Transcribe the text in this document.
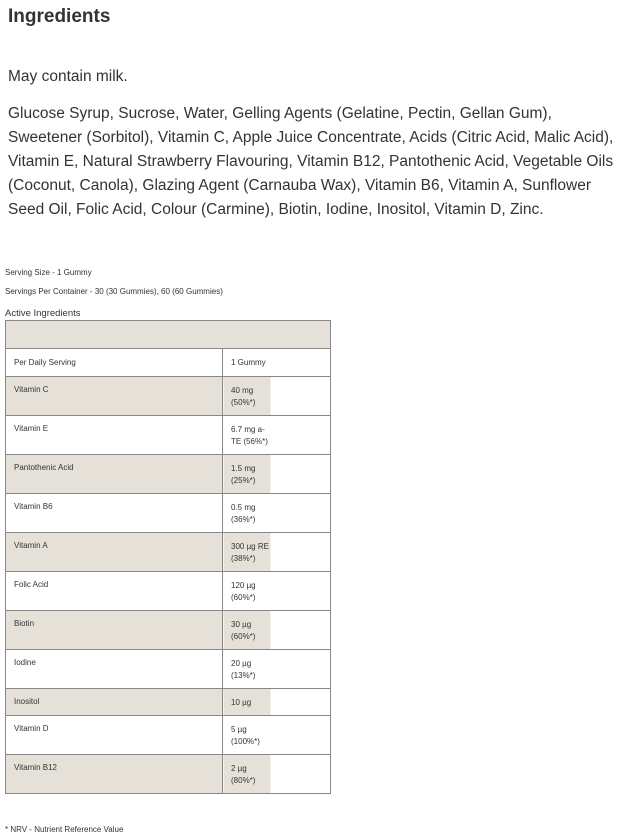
Ingredients

May contain milk.

Glucose Syrup, Sucrose, Water, Gelling Agents (Gelatine, Pectin, Gellan Gum), Sweetener (Sorbitol), Vitamin C, Apple Juice Concentrate, Acids (Citric Acid, Malic Acid), Vitamin E, Natural Strawberry Flavouring, Vitamin B12, Pantothenic Acid, Vegetable Oils (Coconut, Canola), Glazing Agent (Carnauba Wax), Vitamin B6, Vitamin A, Sunflower Seed Oil, Folic Acid, Colour (Carmine), Biotin, Iodine, Inositol, Vitamin D, Zinc.

Serving Size - 1 Gummy

Servings Per Container - 30 (30 Gummies), 60 (60 Gummies)

Active Ingredients

Per Daily Serving	1 Gummy
Vitamin C	40 mg (50%*)

Vitamin E	6.7 mg a-TE (56%*)

Pantothenic Acid	1.5 mg (25%*)

Vitamin B6	0.5 mg (36%*)

Vitamin A	300 µg RE (38%*)

Folic Acid	120 µg (60%*)

Biotin	30 µg (60%*)

Iodine	20 µg (13%*)

Inositol	10 µg

Vitamin D	5 µg (100%*)

Vitamin B12	2 µg (80%*)

* NRV - Nutrient Reference Value
